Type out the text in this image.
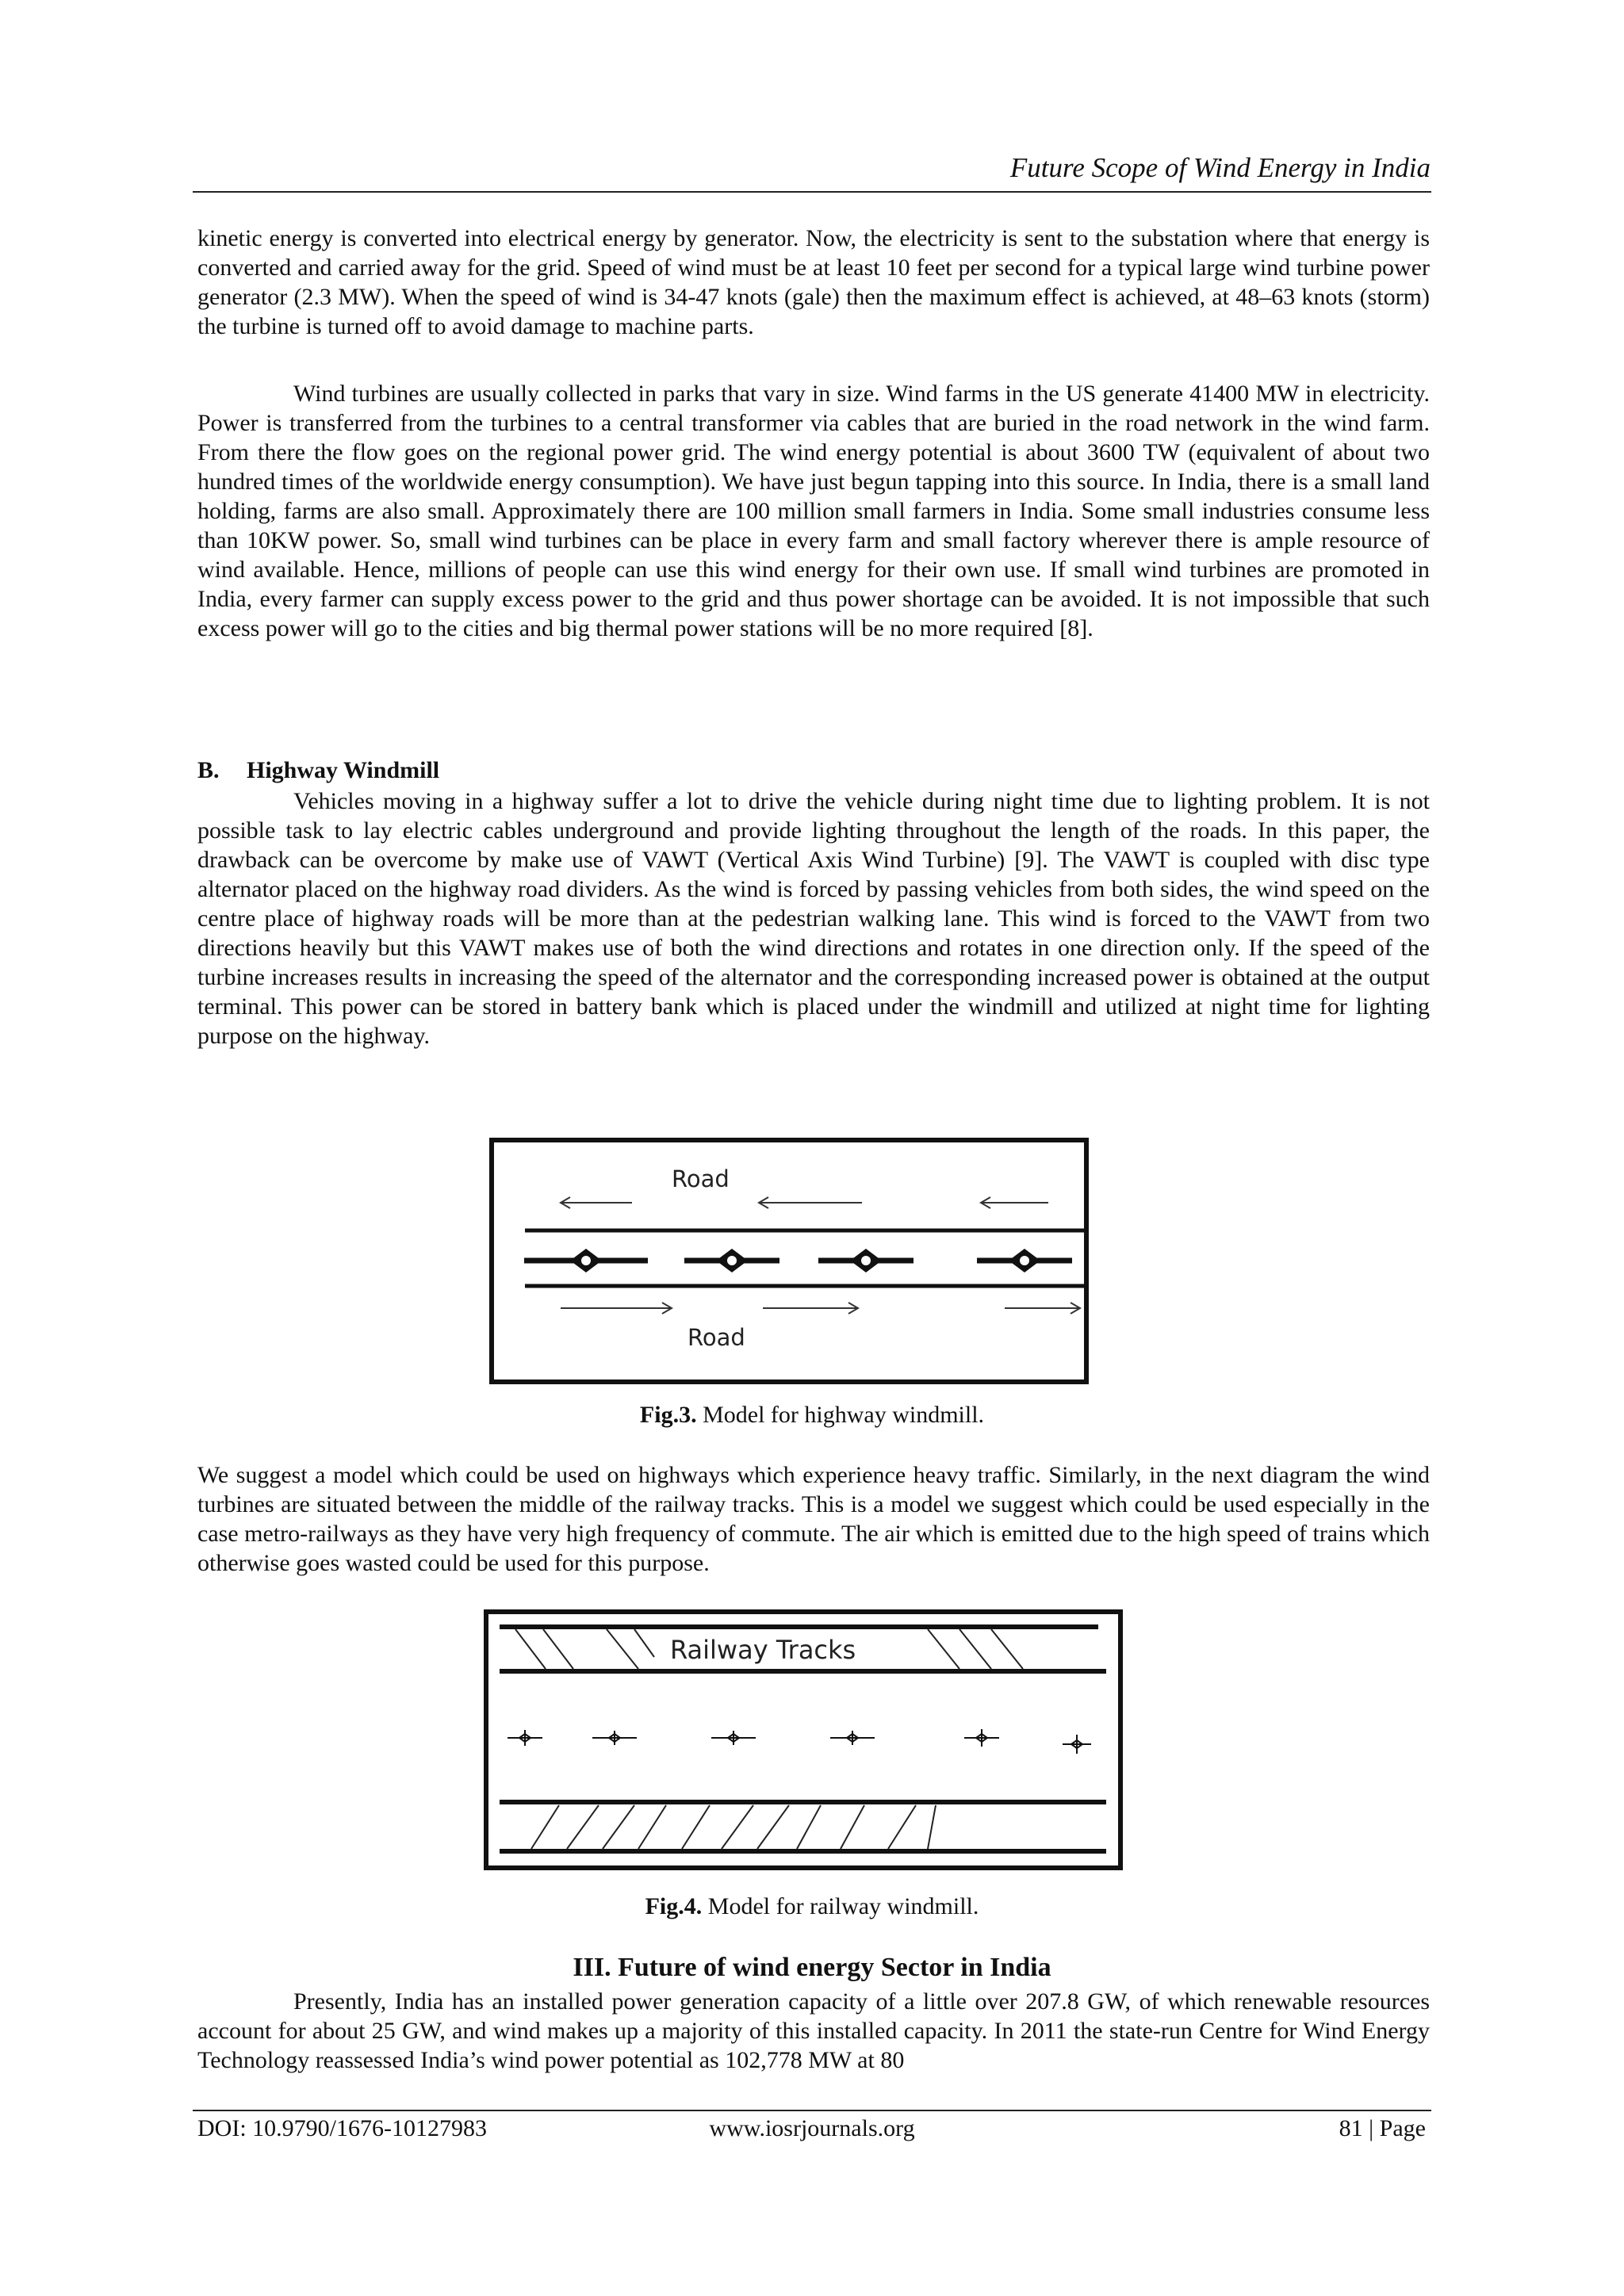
Future Scope of Wind Energy in India

kinetic energy is converted into electrical energy by generator. Now, the electricity is sent to the substation where that energy is converted and carried away for the grid. Speed of wind must be at least 10 feet per second for a typical large wind turbine power generator (2.3 MW). When the speed of wind is 34-47 knots (gale) then the maximum effect is achieved, at 48–63 knots (storm) the turbine is turned off to avoid damage to machine parts.

Wind turbines are usually collected in parks that vary in size. Wind farms in the US generate 41400 MW in electricity. Power is transferred from the turbines to a central transformer via cables that are buried in the road network in the wind farm. From there the flow goes on the regional power grid. The wind energy potential is about 3600 TW (equivalent of about two hundred times of the worldwide energy consumption). We have just begun tapping into this source. In India, there is a small land holding, farms are also small. Approximately there are 100 million small farmers in India. Some small industries consume less than 10KW power. So, small wind turbines can be place in every farm and small factory wherever there is ample resource of wind available. Hence, millions of people can use this wind energy for their own use. If small wind turbines are promoted in India, every farmer can supply excess power to the grid and thus power shortage can be avoided. It is not impossible that such excess power will go to the cities and big thermal power stations will be no more required [8].

B. Highway Windmill

Vehicles moving in a highway suffer a lot to drive the vehicle during night time due to lighting problem. It is not possible task to lay electric cables underground and provide lighting throughout the length of the roads. In this paper, the drawback can be overcome by make use of VAWT (Vertical Axis Wind Turbine) [9]. The VAWT is coupled with disc type alternator placed on the highway road dividers. As the wind is forced by passing vehicles from both sides, the wind speed on the centre place of highway roads will be more than at the pedestrian walking lane. This wind is forced to the VAWT from two directions heavily but this VAWT makes use of both the wind directions and rotates in one direction only. If the speed of the turbine increases results in increasing the speed of the alternator and the corresponding increased power is obtained at the output terminal. This power can be stored in battery bank which is placed under the windmill and utilized at night time for lighting purpose on the highway.

Road
Road
Fig.3. Model for highway windmill.

We suggest a model which could be used on highways which experience heavy traffic. Similarly, in the next diagram the wind turbines are situated between the middle of the railway tracks. This is a model we suggest which could be used especially in the case metro-railways as they have very high frequency of commute. The air which is emitted due to the high speed of trains which otherwise goes wasted could be used for this purpose.

Railway Tracks
Fig.4. Model for railway windmill.
III. Future of wind energy Sector in India

Presently, India has an installed power generation capacity of a little over 207.8 GW, of which renewable resources account for about 25 GW, and wind makes up a majority of this installed capacity. In 2011 the state-run Centre for Wind Energy Technology reassessed India’s wind power potential as 102,778 MW at 80

DOI: 10.9790/1676-10127983	www.iosrjournals.org	81 | Page
